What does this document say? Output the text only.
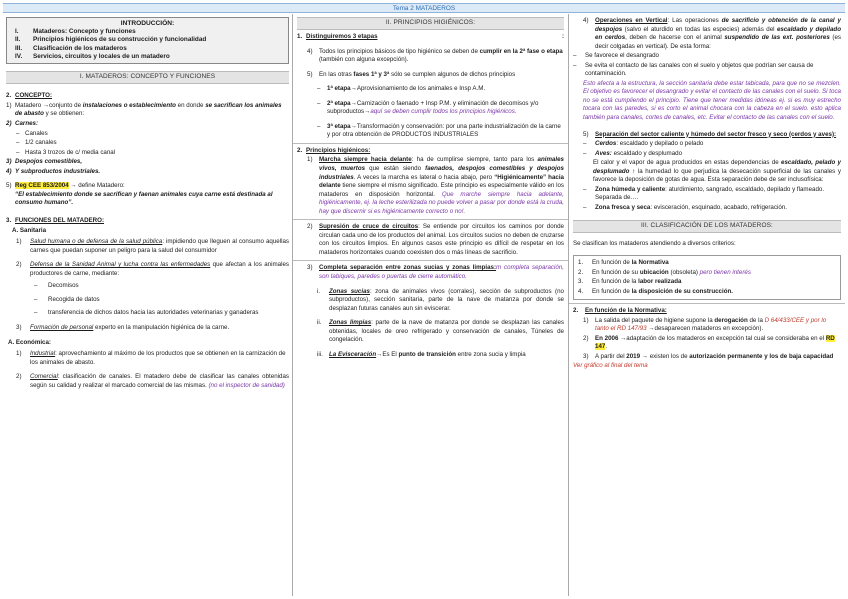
Tema 2 MATADEROS
INTRODUCCIÓN:
I.	Mataderos: Concepto y funciones
II.	Principios higiénicos de su construcción y funcionalidad
III.	Clasificación de los mataderos
IV.	Servicios, circuitos y locales de un matadero
I. MATADEROS: CONCEPTO Y FUNCIONES
2. CONCEPTO:
1) Matadero →conjunto de instalaciones o establecimiento en donde se sacrifican los animales de abasto y se obtienen:
2) Carnes:
– Canales
– 1/2 canales
– Hasta 3 trozos de c/ media canal
3) Despojos comestibles,
4) Y subproductos industriales.
5) Reg CEE 853/2004 → define Matadero:
“El establecimiento donde se sacrifican y faenan animales cuya carne está destinada al consumo humano”.
3. FUNCIONES DEL MATADERO:
A. Sanitaria
1)	Salud humana o de defensa de la salud pública: impidiendo que lleguen al consumo aquellas carnes que puedan suponer un peligro para la salud del consumidor
2)	Defensa de la Sanidad Animal y lucha contra las enfermedades que afectan a los animales productores de carne, mediante:
–	Decomisos
–	Recogida de datos
–	transferencia de dichos datos hacia las autoridades veterinarias y ganaderas
3)	Formación de personal experto en la manipulación higiénica de la carne.
A. Económica:
1)	Industrial: aprovechamiento al máximo de los productos que se obtienen en la carnización de los animales de abasto.
2)	Comercial: clasificación de canales. El matadero debe de clasificar las canales obtenidas según su calidad y realizar el marcado comercial de las mismas. (no el inspector de sanidad)
II. PRINCIPIOS HIGIÉNICOS:
1. Distinguiremos 3 etapas	:
4)	Todos los principios básicos de tipo higiénico se deben de cumplir en la 2ª fase o etapa (también con alguna excepción).
5)	En las otras fases 1ª y 3ª sólo se cumplen algunos de dichos principios
–	1ª etapa→Aprovisionamiento de los animales e Insp A.M.
–	2ª etapa→Carnización o faenado + Insp P.M. y eliminación de decomisos y/o subproductos→aquí se deben cumplir todos los principios higiénicos.
–	3ª etapa→Transformación y conservación: por una parte industrialización de la carne y por otra obtención de PRODUCTOS INDUSTRIALES
2. Principios higiénicos:
1)	Marcha siempre hacia delante: ha de cumplirse siempre, tanto para los animales vivos, muertos que están siendo faenados, despojos comestibles y despojos industriales. A veces la marcha es lateral o hacia abajo, pero “Higiénicamente” hacia delante tiene siempre el mismo significado. Este principio es especialmente válido en los mataderos en disposición horizontal. Que marche siempre hacia adelante, higiénicamente, ej. la leche esterilizada no puede volver a pasar por donde está la cruda, hay que discernir si es higiénicamente correcto o no!.
2)	Supresión de cruce de circuitos: Se entiende por circuitos los caminos por donde circulan cada uno de los productos del animal. Los circuitos sucios no deben de cruzarse con los circuitos limpios. En algunos casos este principio es difícil de respetar en los mataderos horizontales cuando coexisten dos o más líneas de sacrificio.
3)	Completa separación entre zonas sucias y zonas limpias:m completa separación, son tabiques, paredes o puertas de cierre automático.
i.	Zonas sucias: zona de animales vivos (corrales), sección de subproductos (no subproductos), sección sanitaria, parte de la nave de matanza por donde se desplazan futuras canales aun sin eviscerar.
ii.	Zonas limpias: parte de la nave de matanza por donde se desplazan las canales obtenidas, locales de oreo refrigerado y conservación de canales, Túneles de congelación.
iii. La Evisceración→Es El punto de transición entre zona sucia y limpia
4)	Operaciones en Vertical: Las operaciones de sacrificio y obtención de la canal y despojos (salvo el aturdido en todas las especies) además del escaldado y depilado en cerdos, deben de hacerse con el animal suspendido de las ext. posteriores (es decir colgadas en vertical). De esta forma:
–	Se favorece el desangrado
–	Se evita el contacto de las canales con el suelo y objetos que podrían ser causa de contaminación.
Esto afecta a la estructura, la sección sanitaria debe estar tabicada, para que no se mezclen. El objetivo es favorecer el desangrado y evitar el contacto de las canales con el suelo. Si toca no se está cumpliendo el principio. Tiene que tener medidas idóneas ej. si es muy estrecho tocara con las paredes, si es corto el animal chocara con la cabeza en el suelo. esto aplica también para canales, cortes de canales, etc. Evitar el contacto de las canales con el suelo.
5)	Separación del sector caliente y húmedo del sector fresco y seco (cerdos y aves):
–	Cerdos: escaldado y depilado o pelado
–	Aves: escaldado y desplumado
El calor y el vapor de agua producidos en estas dependencias de escaldado, pelado y desplumado ↑ la humedad lo que perjudica la desecación superficial de las canales y favorece la deposición de gotas de agua. Esta separación debe de ser inclusofísica:
–	Zona húmeda y caliente: aturdimiento, sangrado, escaldado, depilado y flameado. Separada de….
–	Zona fresca y seca: evisceración, esquinado, acabado, refrigeración.
III. CLASIFICACIÓN DE LOS MATADEROS:
Se clasifican los mataderos atendiendo a diversos criterios:
1.	En función de la Normativa
2.	En función de su ubicación (obsoleta) pero tienen interés
3.	En función de la labor realizada
4.	En función de la disposición de su construcción.
2.	En función de la Normativa:
1)	La salida del paquete de higiene supone la derogación de la D 64/433/CEE y por lo tanto el RD 147/93 →desaparecen mataderos en excepción).
2)	En 2006 →adaptación de los mataderos en excepción tal cual se consideraba en el RD 147.
3)	A partir del 2019 → existen los de autorización permanente y los de baja capacidad
Ver gráfico al final del tema
